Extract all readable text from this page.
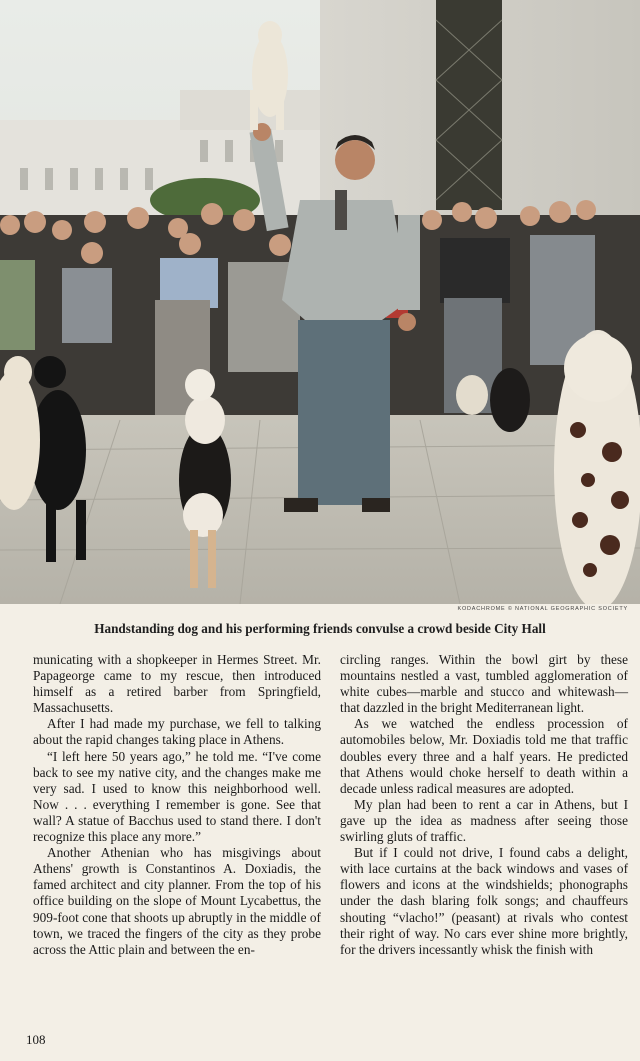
KODACHROME © NATIONAL GEOGRAPHIC SOCIETY
Handstanding dog and his performing friends convulse a crowd beside City Hall

municating with a shopkeeper in Hermes Street. Mr. Papageorge came to my rescue, then introduced himself as a retired barber from Springfield, Massachusetts.

After I had made my purchase, we fell to talking about the rapid changes taking place in Athens.

“I left here 50 years ago,” he told me. “I've come back to see my native city, and the changes make me very sad. I used to know this neighborhood well. Now . . . everything I remember is gone. See that wall? A statue of Bacchus used to stand there. I don't recognize this place any more.”

Another Athenian who has misgivings about Athens' growth is Constantinos A. Doxiadis, the famed architect and city planner. From the top of his office building on the slope of Mount Lycabettus, the 909-foot cone that shoots up abruptly in the middle of town, we traced the fingers of the city as they probe across the Attic plain and between the en-

circling ranges. Within the bowl girt by these mountains nestled a vast, tumbled agglomeration of white cubes—marble and stucco and whitewash—that dazzled in the bright Mediterranean light.

As we watched the endless procession of automobiles below, Mr. Doxiadis told me that traffic doubles every three and a half years. He predicted that Athens would choke herself to death within a decade unless radical measures are adopted.

My plan had been to rent a car in Athens, but I gave up the idea as madness after seeing those swirling gluts of traffic.

But if I could not drive, I found cabs a delight, with lace curtains at the back windows and vases of flowers and icons at the windshields; phonographs under the dash blaring folk songs; and chauffeurs shouting “vlacho!” (peasant) at rivals who contest their right of way. No cars ever shine more brightly, for the drivers incessantly whisk the finish with

108
